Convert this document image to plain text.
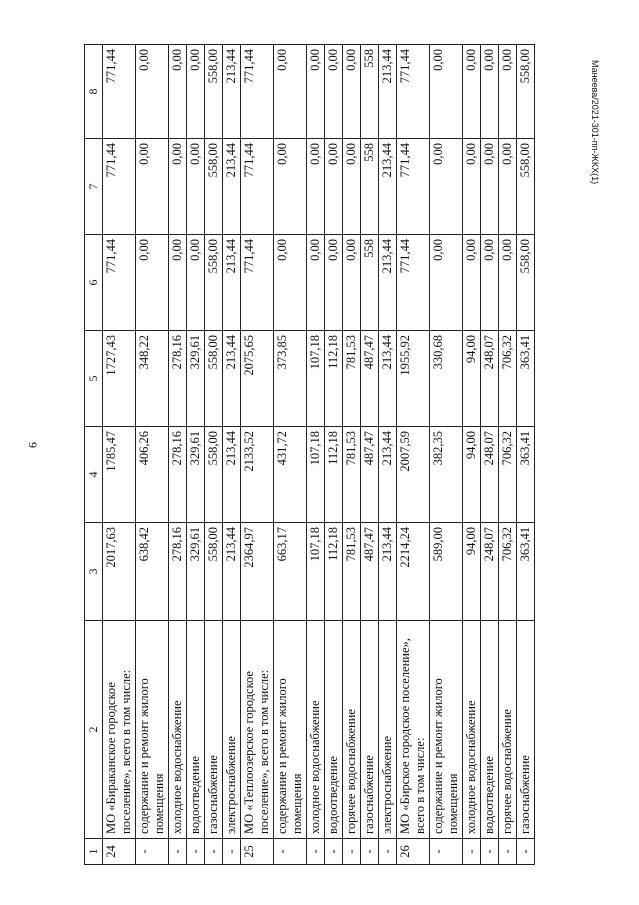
9
Манеева/2021-301-пп-ЖКХ(1)
1	2	3	4	5	6	7	8
24	МО «Бираканское городское поселение», всего в том числе:	2017,63	1785,47	1727,43	771,44	771,44	771,44
-	содержание и ремонт жилого помещения	638,42	406,26	348,22	0,00	0,00	0,00
-	холодное водоснабжение	278,16	278,16	278,16	0,00	0,00	0,00
-	водоотведение	329,61	329,61	329,61	0,00	0,00	0,00
-	газоснабжение	558,00	558,00	558,00	558,00	558,00	558,00
-	электроснабжение	213,44	213,44	213,44	213,44	213,44	213,44
25	МО «Теплоозерское городское поселение», всего в том числе:	2364,97	2133,52	2075,65	771,44	771,44	771,44
-	содержание и ремонт жилого помещения	663,17	431,72	373,85	0,00	0,00	0,00
-	холодное водоснабжение	107,18	107,18	107,18	0,00	0,00	0,00
-	водоотведение	112,18	112,18	112,18	0,00	0,00	0,00
-	горячее водоснабжение	781,53	781,53	781,53	0,00	0,00	0,00
-	газоснабжение	487,47	487,47	487,47	558	558	558
-	электроснабжение	213,44	213,44	213,44	213,44	213,44	213,44
26	МО «Бирское городское поселение», всего в том числе:	2214,24	2007,59	1955,92	771,44	771,44	771,44
-	содержание и ремонт жилого помещения	589,00	382,35	330,68	0,00	0,00	0,00
-	холодное водоснабжение	94,00	94,00	94,00	0,00	0,00	0,00
-	водоотведение	248,07	248,07	248,07	0,00	0,00	0,00
-	горячее водоснабжение	706,32	706,32	706,32	0,00	0,00	0,00
-	газоснабжение	363,41	363,41	363,41	558,00	558,00	558,00
